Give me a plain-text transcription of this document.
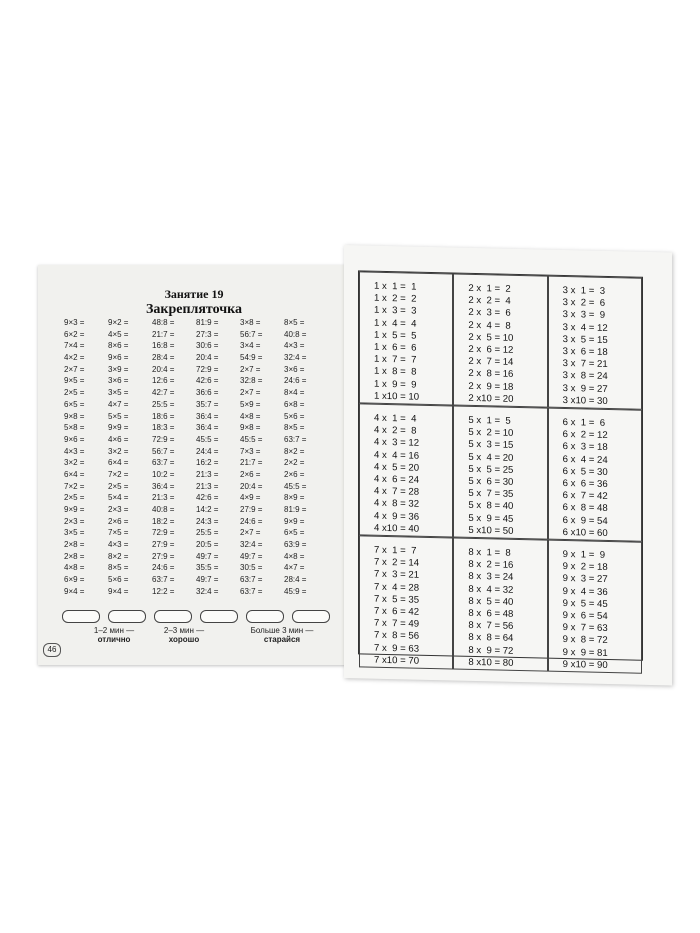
Занятие 19
Закрепляточка
9×3 =	9×2 =	48:8 =	81:9 =	3×8 =	8×5 =
6×2 =	4×5 =	21:7 =	27:3 =	56:7 =	40:8 =
7×4 =	8×6 =	16:8 =	30:6 =	3×4 =	4×3 =
4×2 =	9×6 =	28:4 =	20:4 =	54:9 =	32:4 =
2×7 =	3×9 =	20:4 =	72:9 =	2×7 =	3×6 =
9×5 =	3×6 =	12:6 =	42:6 =	32:8 =	24:6 =
2×5 =	3×5 =	42:7 =	36:6 =	2×7 =	8×4 =
6×5 =	4×7 =	25:5 =	35:7 =	5×9 =	6×8 =
9×8 =	5×5 =	18:6 =	36:4 =	4×8 =	5×6 =
5×8 =	9×9 =	18:3 =	36:4 =	9×8 =	8×5 =
9×6 =	4×6 =	72:9 =	45:5 =	45:5 =	63:7 =
4×3 =	3×2 =	56:7 =	24:4 =	7×3 =	8×2 =
3×2 =	6×4 =	63:7 =	16:2 =	21:7 =	2×2 =
6×4 =	7×2 =	10:2 =	21:3 =	2×6 =	2×6 =
7×2 =	2×5 =	36:4 =	21:3 =	20:4 =	45:5 =
2×5 =	5×4 =	21:3 =	42:6 =	4×9 =	8×9 =
9×9 =	2×3 =	40:8 =	14:2 =	27:9 =	81:9 =
2×3 =	2×6 =	18:2 =	24:3 =	24:6 =	9×9 =
3×5 =	7×5 =	72:9 =	25:5 =	2×7 =	6×5 =
2×8 =	4×3 =	27:9 =	20:5 =	32:4 =	63:9 =
2×8 =	8×2 =	27:9 =	49:7 =	49:7 =	4×8 =
4×8 =	8×5 =	24:6 =	35:5 =	30:5 =	4×7 =
6×9 =	5×6 =	63:7 =	49:7 =	63:7 =	28:4 =
9×4 =	9×4 =	12:2 =	32:4 =	63:7 =	45:9 =
1–2 мин —
отлично
2–3 мин —
хорошо
Больше 3 мин —
старайся
46
1 x  1 =  1
1 x  2 =  2
1 x  3 =  3
1 x  4 =  4
1 x  5 =  5
1 x  6 =  6
1 x  7 =  7
1 x  8 =  8
1 x  9 =  9
1 x10 = 10
2 x  1 =  2
2 x  2 =  4
2 x  3 =  6
2 x  4 =  8
2 x  5 = 10
2 x  6 = 12
2 x  7 = 14
2 x  8 = 16
2 x  9 = 18
2 x10 = 20
3 x  1 =  3
3 x  2 =  6
3 x  3 =  9
3 x  4 = 12
3 x  5 = 15
3 x  6 = 18
3 x  7 = 21
3 x  8 = 24
3 x  9 = 27
3 x10 = 30
4 x  1 =  4
4 x  2 =  8
4 x  3 = 12
4 x  4 = 16
4 x  5 = 20
4 x  6 = 24
4 x  7 = 28
4 x  8 = 32
4 x  9 = 36
4 x10 = 40
5 x  1 =  5
5 x  2 = 10
5 x  3 = 15
5 x  4 = 20
5 x  5 = 25
5 x  6 = 30
5 x  7 = 35
5 x  8 = 40
5 x  9 = 45
5 x10 = 50
6 x  1 =  6
6 x  2 = 12
6 x  3 = 18
6 x  4 = 24
6 x  5 = 30
6 x  6 = 36
6 x  7 = 42
6 x  8 = 48
6 x  9 = 54
6 x10 = 60
7 x  1 =  7
7 x  2 = 14
7 x  3 = 21
7 x  4 = 28
7 x  5 = 35
7 x  6 = 42
7 x  7 = 49
7 x  8 = 56
7 x  9 = 63
7 x10 = 70
8 x  1 =  8
8 x  2 = 16
8 x  3 = 24
8 x  4 = 32
8 x  5 = 40
8 x  6 = 48
8 x  7 = 56
8 x  8 = 64
8 x  9 = 72
8 x10 = 80
9 x  1 =  9
9 x  2 = 18
9 x  3 = 27
9 x  4 = 36
9 x  5 = 45
9 x  6 = 54
9 x  7 = 63
9 x  8 = 72
9 x  9 = 81
9 x10 = 90
